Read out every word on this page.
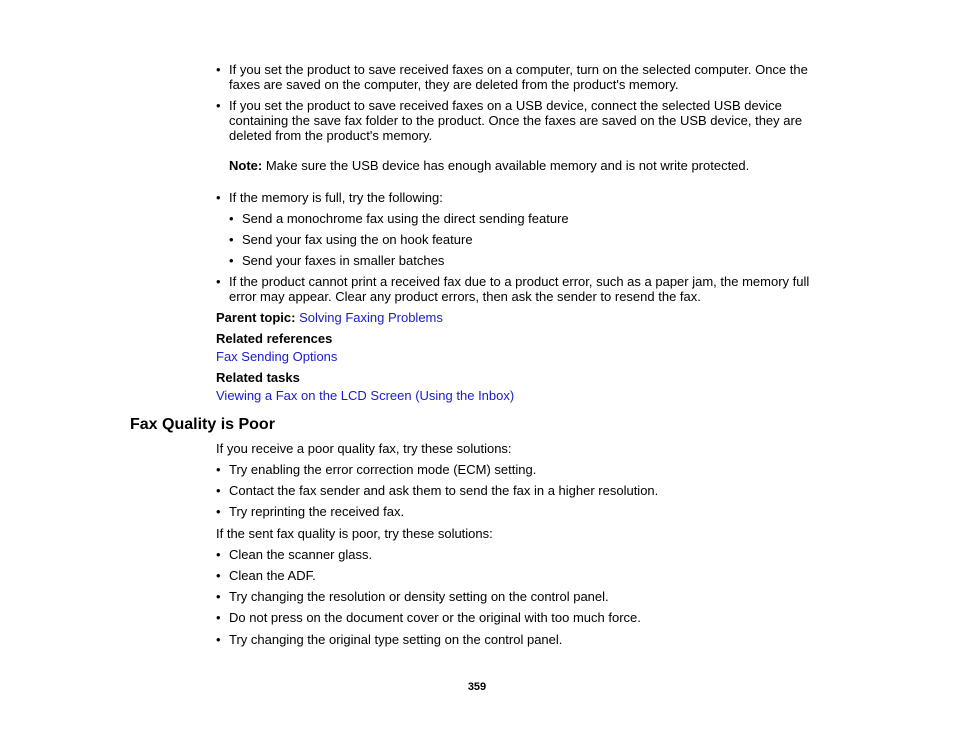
• If you set the product to save received faxes on a computer, turn on the selected computer. Once the faxes are saved on the computer, they are deleted from the product's memory.
• If you set the product to save received faxes on a USB device, connect the selected USB device containing the save fax folder to the product. Once the faxes are saved on the USB device, they are deleted from the product's memory.
Note: Make sure the USB device has enough available memory and is not write protected.
• If the memory is full, try the following:
• Send a monochrome fax using the direct sending feature
• Send your fax using the on hook feature
• Send your faxes in smaller batches
• If the product cannot print a received fax due to a product error, such as a paper jam, the memory full error may appear. Clear any product errors, then ask the sender to resend the fax.
Parent topic: Solving Faxing Problems
Related references
Fax Sending Options
Related tasks
Viewing a Fax on the LCD Screen (Using the Inbox)
Fax Quality is Poor
If you receive a poor quality fax, try these solutions:
• Try enabling the error correction mode (ECM) setting.
• Contact the fax sender and ask them to send the fax in a higher resolution.
• Try reprinting the received fax.
If the sent fax quality is poor, try these solutions:
• Clean the scanner glass.
• Clean the ADF.
• Try changing the resolution or density setting on the control panel.
• Do not press on the document cover or the original with too much force.
• Try changing the original type setting on the control panel.
359
